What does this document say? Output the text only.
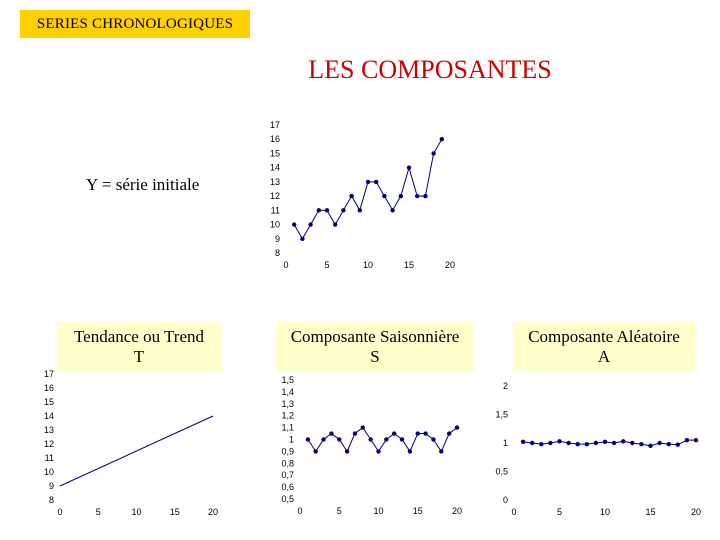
SERIES CHRONOLOGIQUES
LES COMPOSANTES
Y = série initiale
Tendance ou Trend
T
Composante Saisonnière
S
Composante Aléatoire
A
8
9
10
11
12
13
14
15
16
17
0	5	10	15	20
8
9
10
11
12
13
14
15
16
17
0	5	10	15	20
0,5
0,6
0,7
0,8
0,9
1
1,1
1,2
1,3
1,4
1,5
0	5	10	15	20
0
0,5
1
1,5
2
0	5	10	15	20
